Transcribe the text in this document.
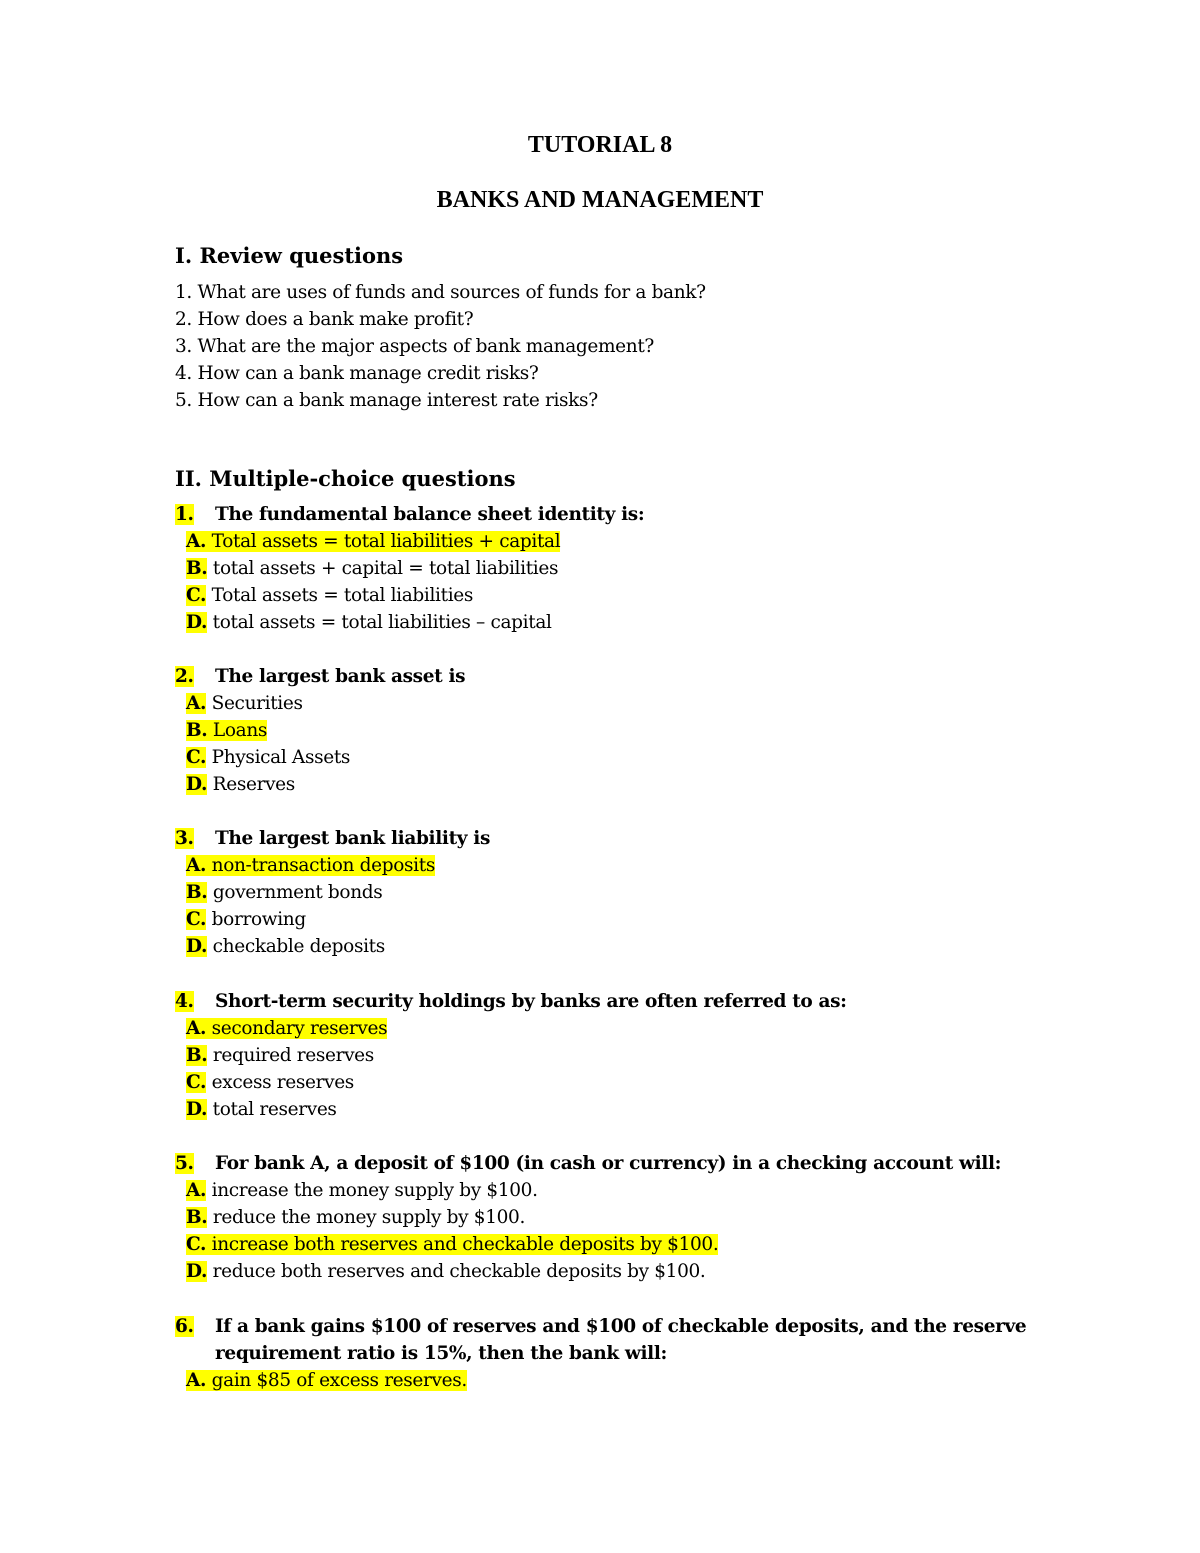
TUTORIAL 8
BANKS AND MANAGEMENT
I. Review questions
1. What are uses of funds and sources of funds for a bank?
2. How does a bank make profit?
3. What are the major aspects of bank management?
4. How can a bank manage credit risks?
5. How can a bank manage interest rate risks?
II. Multiple-choice questions
1.	The fundamental balance sheet identity is:
A. Total assets = total liabilities + capital
B. total assets + capital = total liabilities
C. Total assets = total liabilities
D. total assets = total liabilities – capital
2.	The largest bank asset is
A. Securities
B. Loans
C. Physical Assets
D. Reserves
3.	The largest bank liability is
A. non-transaction deposits
B. government bonds
C. borrowing
D. checkable deposits
4.	Short-term security holdings by banks are often referred to as:
A. secondary reserves
B. required reserves
C. excess reserves
D. total reserves
5.	For bank A, a deposit of $100 (in cash or currency) in a checking account will:
A. increase the money supply by $100.
B. reduce the money supply by $100.
C. increase both reserves and checkable deposits by $100.
D. reduce both reserves and checkable deposits by $100.
6.	If a bank gains $100 of reserves and $100 of checkable deposits, and the reserve requirement ratio is 15%, then the bank will:
A. gain $85 of excess reserves.
